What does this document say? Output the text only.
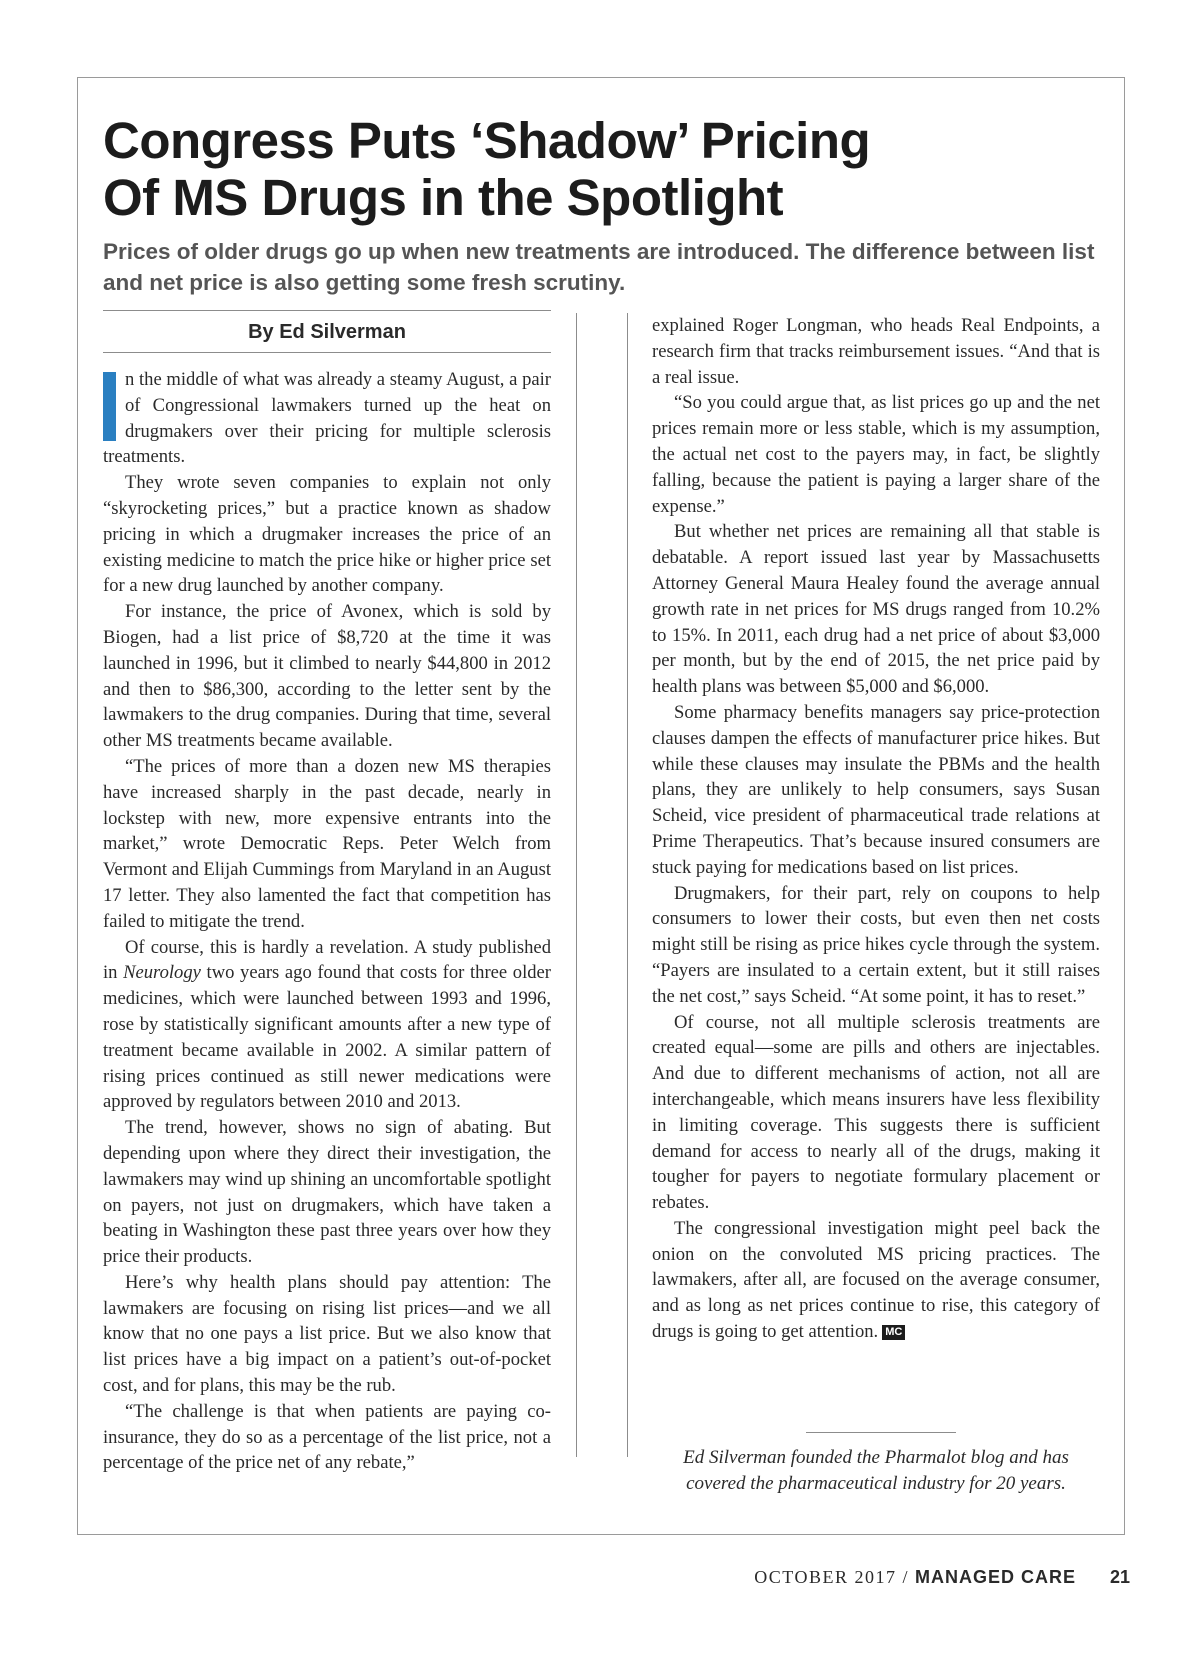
Congress Puts ‘Shadow’ Pricing
Of MS Drugs in the Spotlight

Prices of older drugs go up when new treatments are introduced. The difference between list and net price is also getting some fresh scrutiny.

By Ed Silverman

n the middle of what was already a steamy August, a pair of Congressional lawmakers turned up the heat on drugmakers over their pricing for multiple sclerosis treatments.

They wrote seven companies to explain not only “skyrocketing prices,” but a practice known as shadow pricing in which a drugmaker increases the price of an existing medicine to match the price hike or higher price set for a new drug launched by another company.

For instance, the price of Avonex, which is sold by Biogen, had a list price of $8,720 at the time it was launched in 1996, but it climbed to nearly $44,800 in 2012 and then to $86,300, according to the letter sent by the lawmakers to the drug companies. During that time, several other MS treatments became available.

“The prices of more than a dozen new MS therapies have increased sharply in the past decade, nearly in lockstep with new, more expensive entrants into the market,” wrote Democratic Reps. Peter Welch from Vermont and Elijah Cummings from Maryland in an August 17 letter. They also lamented the fact that competition has failed to mitigate the trend.

Of course, this is hardly a revelation. A study published in Neurology two years ago found that costs for three older medicines, which were launched between 1993 and 1996, rose by statistically significant amounts after a new type of treatment became available in 2002. A similar pattern of rising prices continued as still newer medications were approved by regulators between 2010 and 2013.

The trend, however, shows no sign of abating. But depending upon where they direct their investigation, the lawmakers may wind up shining an uncomfortable spotlight on payers, not just on drugmakers, which have taken a beating in Washington these past three years over how they price their products.

Here’s why health plans should pay attention: The lawmakers are focusing on rising list prices—and we all know that no one pays a list price. But we also know that list prices have a big impact on a patient’s out-of-pocket cost, and for plans, this may be the rub.

“The challenge is that when patients are paying co-insurance, they do so as a percentage of the list price, not a percentage of the price net of any rebate,”

explained Roger Longman, who heads Real Endpoints, a research firm that tracks reimbursement issues. “And that is a real issue.

“So you could argue that, as list prices go up and the net prices remain more or less stable, which is my assumption, the actual net cost to the payers may, in fact, be slightly falling, because the patient is paying a larger share of the expense.”

But whether net prices are remaining all that stable is debatable. A report issued last year by Massachusetts Attorney General Maura Healey found the average annual growth rate in net prices for MS drugs ranged from 10.2% to 15%. In 2011, each drug had a net price of about $3,000 per month, but by the end of 2015, the net price paid by health plans was between $5,000 and $6,000.

Some pharmacy benefits managers say price-protection clauses dampen the effects of manufacturer price hikes. But while these clauses may insulate the PBMs and the health plans, they are unlikely to help consumers, says Susan Scheid, vice president of pharmaceutical trade relations at Prime Therapeutics. That’s because insured consumers are stuck paying for medications based on list prices.

Drugmakers, for their part, rely on coupons to help consumers to lower their costs, but even then net costs might still be rising as price hikes cycle through the system. “Payers are insulated to a certain extent, but it still raises the net cost,” says Scheid. “At some point, it has to reset.”

Of course, not all multiple sclerosis treatments are created equal—some are pills and others are injectables. And due to different mechanisms of action, not all are interchangeable, which means insurers have less flexibility in limiting coverage. This suggests there is sufficient demand for access to nearly all of the drugs, making it tougher for payers to negotiate formulary placement or rebates.

The congressional investigation might peel back the onion on the convoluted MS pricing practices. The lawmakers, after all, are focused on the average consumer, and as long as net prices continue to rise, this category of drugs is going to get attention. MC

Ed Silverman founded the Pharmalot blog and has covered the pharmaceutical industry for 20 years.
OCTOBER 2017 / MANAGED CARE 21
